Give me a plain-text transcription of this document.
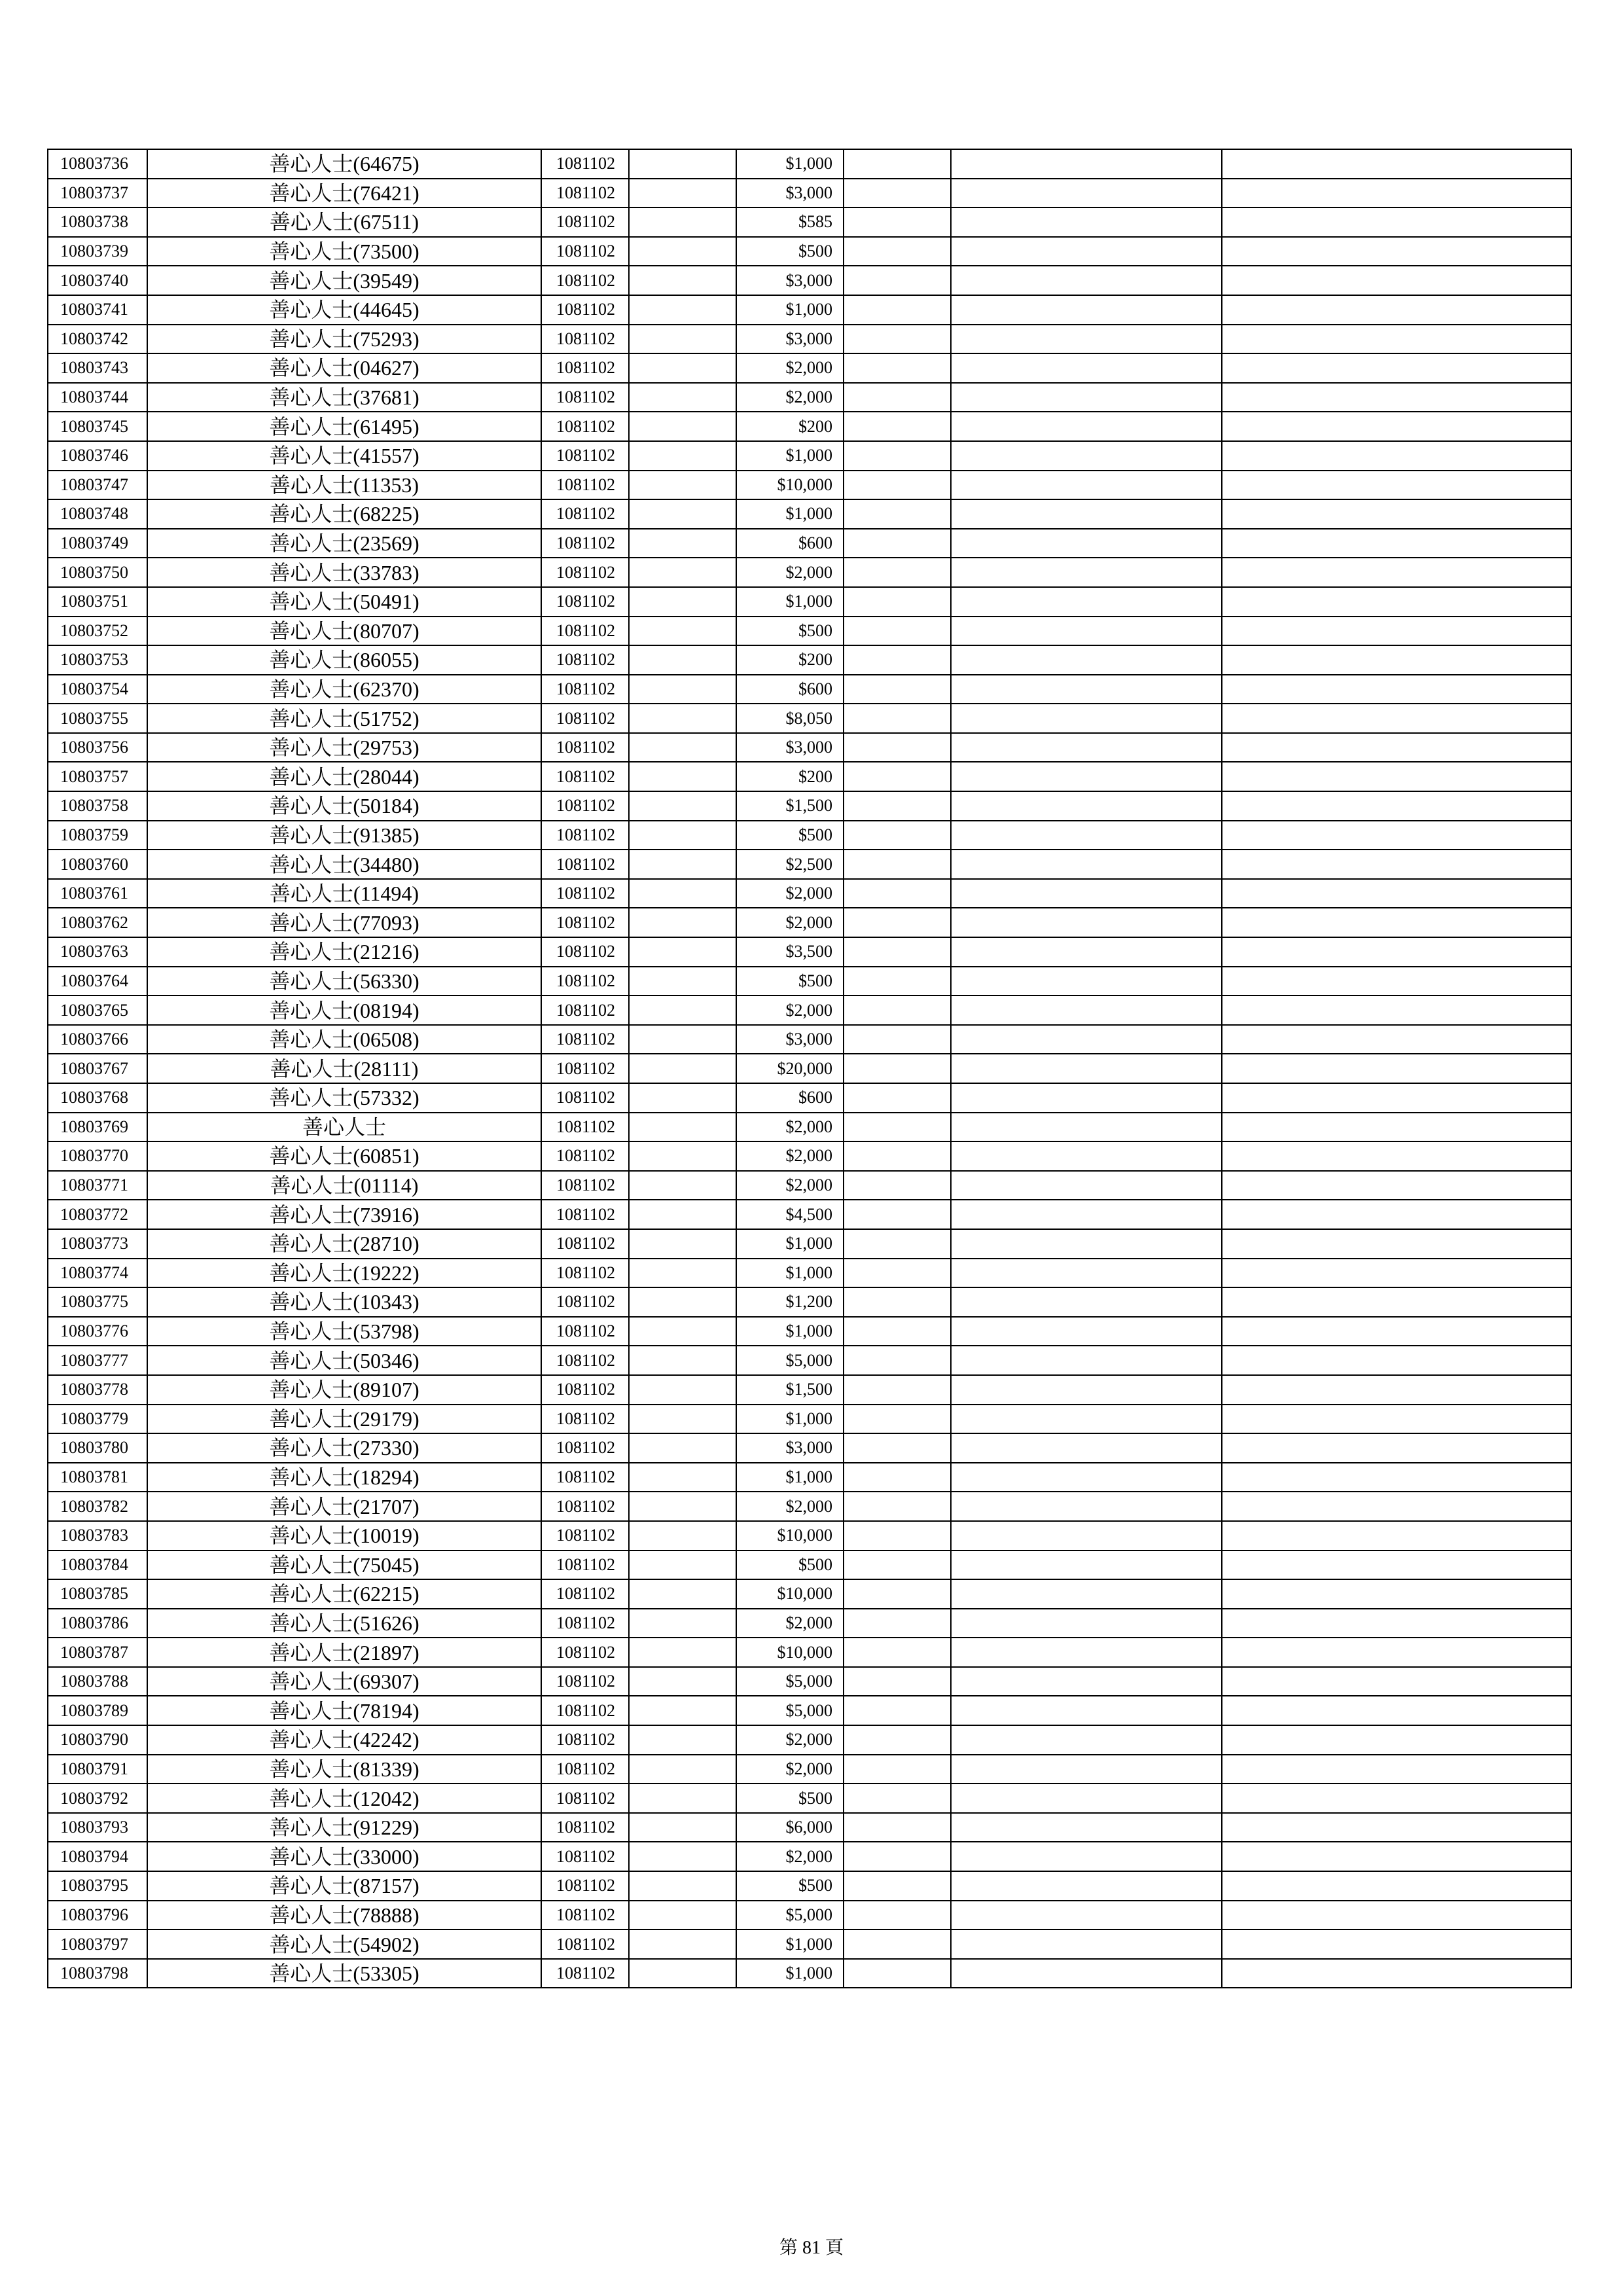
10803736	善心人士(64675)	1081102		$1,000			
10803737	善心人士(76421)	1081102		$3,000			
10803738	善心人士(67511)	1081102		$585			
10803739	善心人士(73500)	1081102		$500			
10803740	善心人士(39549)	1081102		$3,000			
10803741	善心人士(44645)	1081102		$1,000			
10803742	善心人士(75293)	1081102		$3,000			
10803743	善心人士(04627)	1081102		$2,000			
10803744	善心人士(37681)	1081102		$2,000			
10803745	善心人士(61495)	1081102		$200			
10803746	善心人士(41557)	1081102		$1,000			
10803747	善心人士(11353)	1081102		$10,000			
10803748	善心人士(68225)	1081102		$1,000			
10803749	善心人士(23569)	1081102		$600			
10803750	善心人士(33783)	1081102		$2,000			
10803751	善心人士(50491)	1081102		$1,000			
10803752	善心人士(80707)	1081102		$500			
10803753	善心人士(86055)	1081102		$200			
10803754	善心人士(62370)	1081102		$600			
10803755	善心人士(51752)	1081102		$8,050			
10803756	善心人士(29753)	1081102		$3,000			
10803757	善心人士(28044)	1081102		$200			
10803758	善心人士(50184)	1081102		$1,500			
10803759	善心人士(91385)	1081102		$500			
10803760	善心人士(34480)	1081102		$2,500			
10803761	善心人士(11494)	1081102		$2,000			
10803762	善心人士(77093)	1081102		$2,000			
10803763	善心人士(21216)	1081102		$3,500			
10803764	善心人士(56330)	1081102		$500			
10803765	善心人士(08194)	1081102		$2,000			
10803766	善心人士(06508)	1081102		$3,000			
10803767	善心人士(28111)	1081102		$20,000			
10803768	善心人士(57332)	1081102		$600			
10803769	善心人士	1081102		$2,000			
10803770	善心人士(60851)	1081102		$2,000			
10803771	善心人士(01114)	1081102		$2,000			
10803772	善心人士(73916)	1081102		$4,500			
10803773	善心人士(28710)	1081102		$1,000			
10803774	善心人士(19222)	1081102		$1,000			
10803775	善心人士(10343)	1081102		$1,200			
10803776	善心人士(53798)	1081102		$1,000			
10803777	善心人士(50346)	1081102		$5,000			
10803778	善心人士(89107)	1081102		$1,500			
10803779	善心人士(29179)	1081102		$1,000			
10803780	善心人士(27330)	1081102		$3,000			
10803781	善心人士(18294)	1081102		$1,000			
10803782	善心人士(21707)	1081102		$2,000			
10803783	善心人士(10019)	1081102		$10,000			
10803784	善心人士(75045)	1081102		$500			
10803785	善心人士(62215)	1081102		$10,000			
10803786	善心人士(51626)	1081102		$2,000			
10803787	善心人士(21897)	1081102		$10,000			
10803788	善心人士(69307)	1081102		$5,000			
10803789	善心人士(78194)	1081102		$5,000			
10803790	善心人士(42242)	1081102		$2,000			
10803791	善心人士(81339)	1081102		$2,000			
10803792	善心人士(12042)	1081102		$500			
10803793	善心人士(91229)	1081102		$6,000			
10803794	善心人士(33000)	1081102		$2,000			
10803795	善心人士(87157)	1081102		$500			
10803796	善心人士(78888)	1081102		$5,000			
10803797	善心人士(54902)	1081102		$1,000			
10803798	善心人士(53305)	1081102		$1,000			
第 81 頁
